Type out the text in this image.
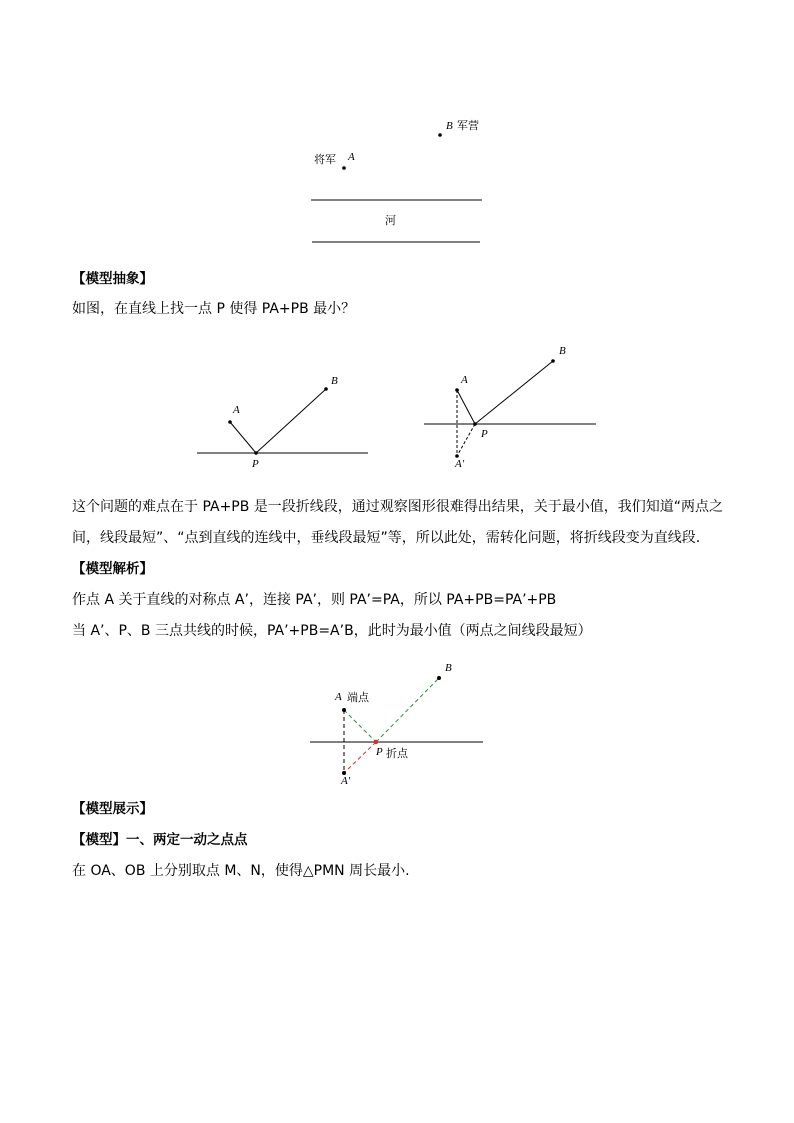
B 军营
将军 A
河
【模型抽象】
如图，在直线上找一点 P 使得 PA+PB 最小？
A
B
P
A
B
P
A'
这个问题的难点在于 PA+PB 是一段折线段，通过观察图形很难得出结果，关于最小值，我们知道“两点之
间，线段最短”、“点到直线的连线中，垂线段最短”等，所以此处，需转化问题，将折线段变为直线段.
【模型解析】
作点 A 关于直线的对称点 A’，连接 PA’，则 PA’=PA，所以 PA+PB=PA’+PB
当 A’、P、B 三点共线的时候，PA’+PB=A’B，此时为最小值（两点之间线段最短）
A 端点
B
P 折点
A'
【模型展示】
【模型】一、两定一动之点点
在 OA、OB 上分别取点 M、N，使得△PMN 周长最小.
